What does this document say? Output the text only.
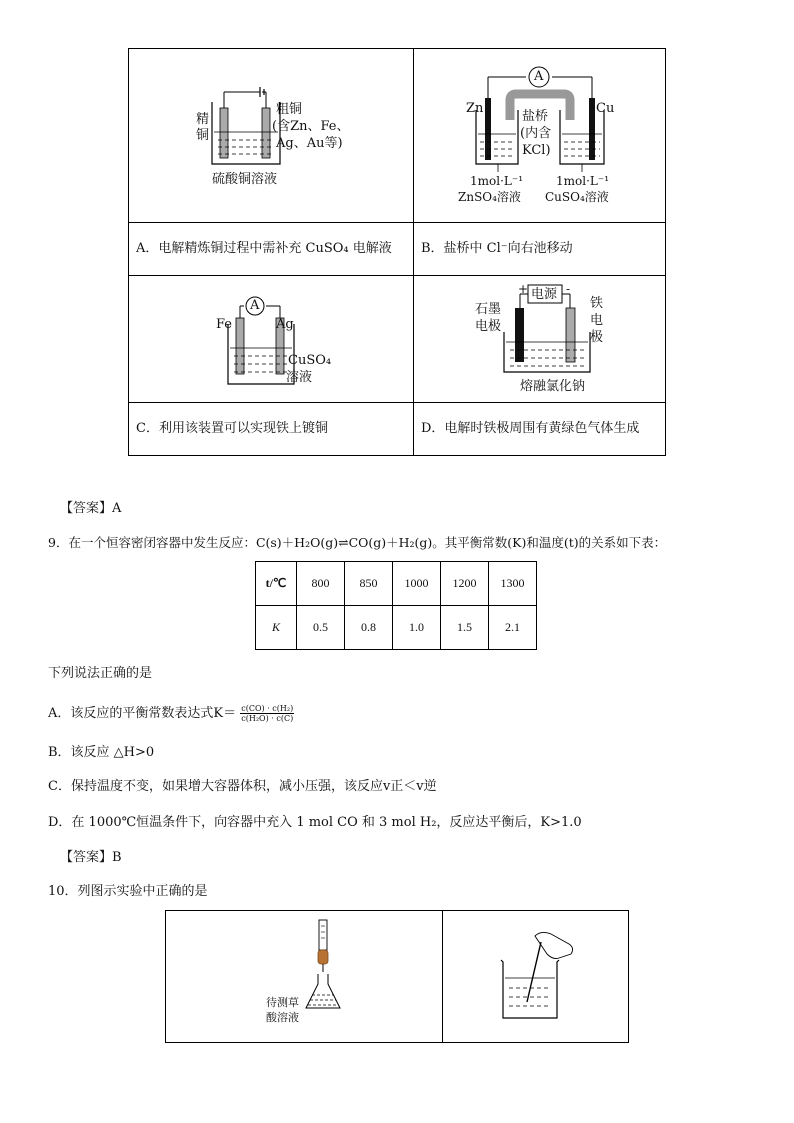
精
铜
粗铜
(含Zn、Fe、
Ag、Au等)
硫酸铜溶液
A
Zn	Cu
盐桥
(内含
KCl)
1mol·L⁻¹
ZnSO₄溶液
1mol·L⁻¹
CuSO₄溶液
A．电解精炼铜过程中需补充 CuSO₄ 电解液 B．盐桥中 Cl⁻向右池移动
A
Fe	Ag
CuSO₄
溶液
电源
+	-
石墨
电极
铁
电
极
熔融氯化钠
C．利用该装置可以实现铁上镀铜	D．电解时铁极周围有黄绿色气体生成
【答案】A
9．在一个恒容密闭容器中发生反应：C(s)＋H₂O(g)⇌CO(g)＋H₂(g)。其平衡常数(K)和温度(t)的关系如下表：
t/℃	800	850	1000	1200	1300
K	0.5	0.8	1.0	1.5	2.1
下列说法正确的是
A．该反应的平衡常数表达式$K= \frac{\text{c(CO) · c(H₂)}}{\text{c(H₂O) · c(C)}}$
B．该反应 △H>0
C．保持温度不变，如果增大容器体积，减小压强，该反应v正＜v逆
D．在 1000℃恒温条件下，向容器中充入 1 mol CO 和 3 mol H₂，反应达平衡后，K>1.0
【答案】B
10．列图示实验中正确的是
待测草
酸溶液
